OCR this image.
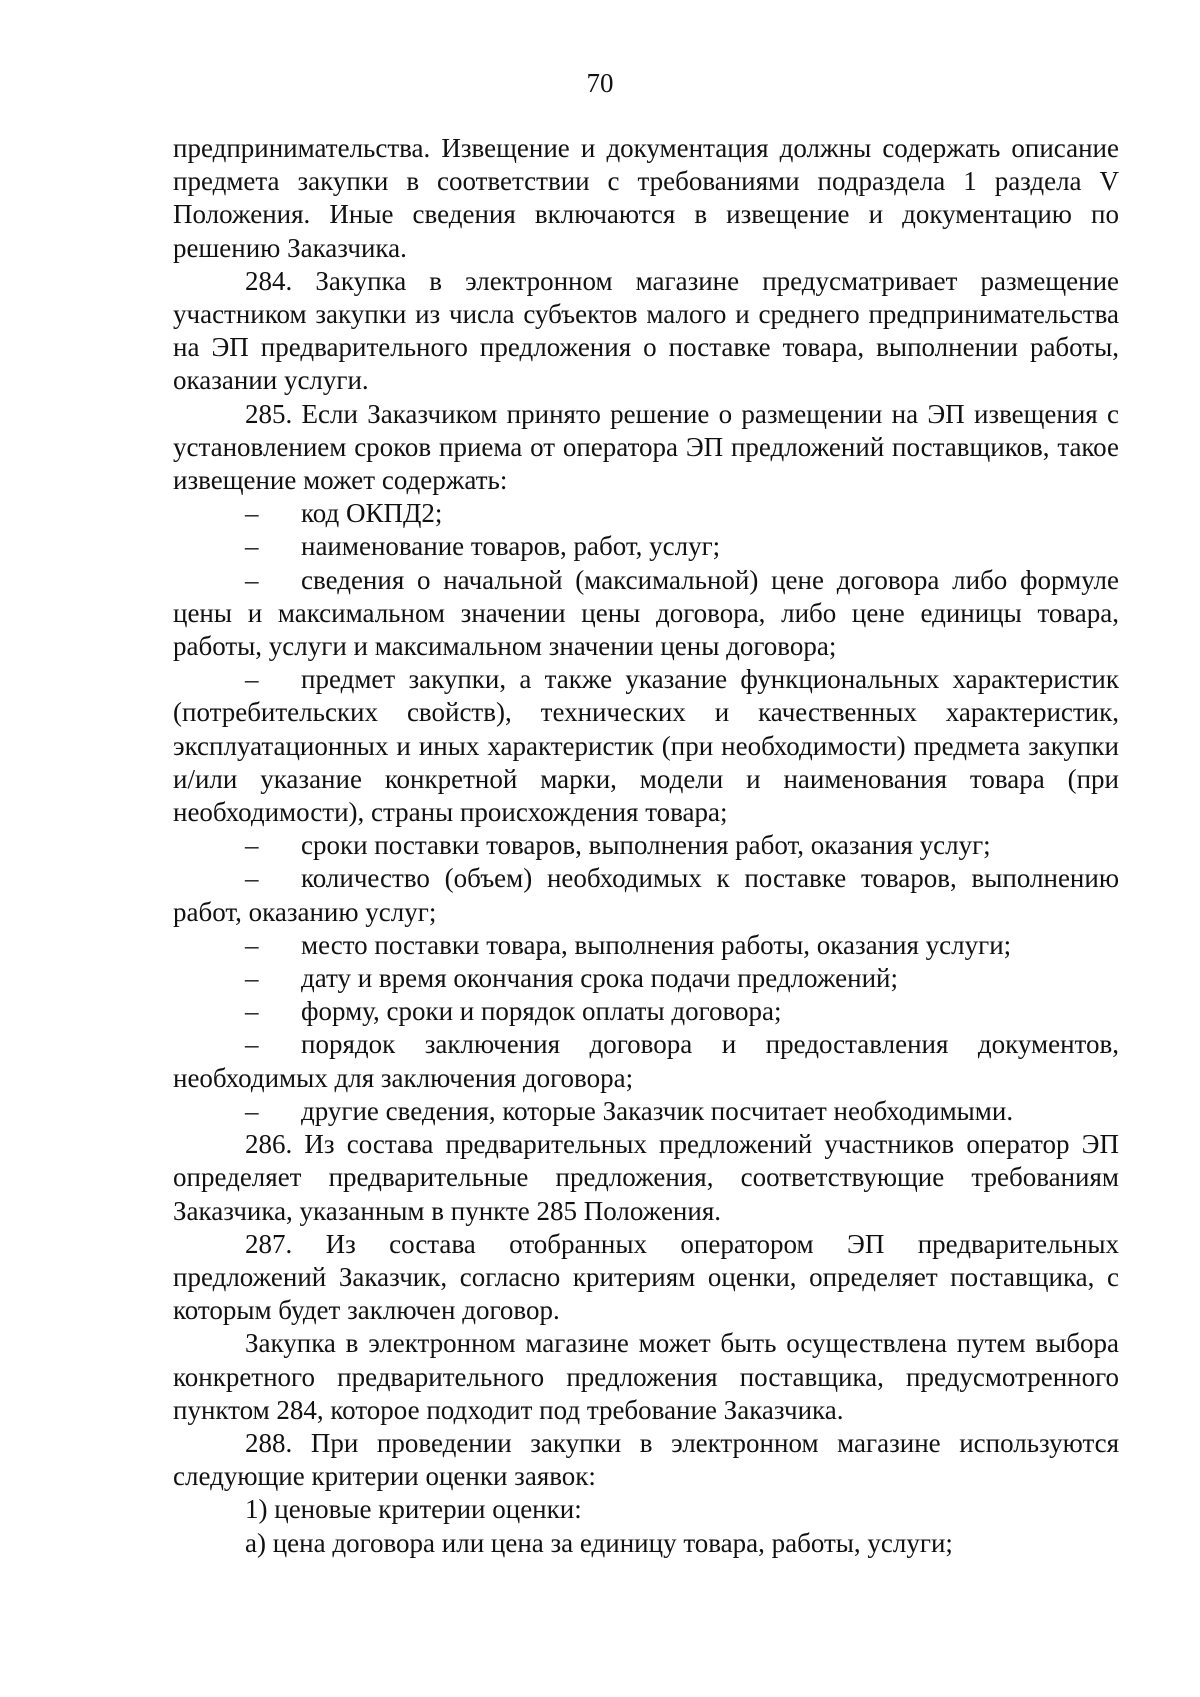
70

предпринимательства. Извещение и документация должны содержать описание предмета закупки в соответствии с требованиями подраздела 1 раздела V Положения. Иные сведения включаются в извещение и документацию по решению Заказчика.

284. Закупка в электронном магазине предусматривает размещение участником закупки из числа субъектов малого и среднего предпринимательства на ЭП предварительного предложения о поставке товара, выполнении работы, оказании услуги.

285. Если Заказчиком принято решение о размещении на ЭП извещения с установлением сроков приема от оператора ЭП предложений поставщиков, такое извещение может содержать:

– код ОКПД2;

– наименование товаров, работ, услуг;

– сведения о начальной (максимальной) цене договора либо формуле цены и максимальном значении цены договора, либо цене единицы товара, работы, услуги и максимальном значении цены договора;

– предмет закупки, а также указание функциональных характеристик (потребительских свойств), технических и качественных характеристик, эксплуатационных и иных характеристик (при необходимости) предмета закупки и/или указание конкретной марки, модели и наименования товара (при необходимости), страны происхождения товара;

– сроки поставки товаров, выполнения работ, оказания услуг;

– количество (объем) необходимых к поставке товаров, выполнению работ, оказанию услуг;

– место поставки товара, выполнения работы, оказания услуги;

– дату и время окончания срока подачи предложений;

– форму, сроки и порядок оплаты договора;

– порядок заключения договора и предоставления документов, необходимых для заключения договора;

– другие сведения, которые Заказчик посчитает необходимыми.

286. Из состава предварительных предложений участников оператор ЭП определяет предварительные предложения, соответствующие требованиям Заказчика, указанным в пункте 285 Положения.

287. Из состава отобранных оператором ЭП предварительных предложений Заказчик, согласно критериям оценки, определяет поставщика, с которым будет заключен договор.

Закупка в электронном магазине может быть осуществлена путем выбора конкретного предварительного предложения поставщика, предусмотренного пунктом 284, которое подходит под требование Заказчика.

288. При проведении закупки в электронном магазине используются следующие критерии оценки заявок:

1) ценовые критерии оценки:

а) цена договора или цена за единицу товара, работы, услуги;
